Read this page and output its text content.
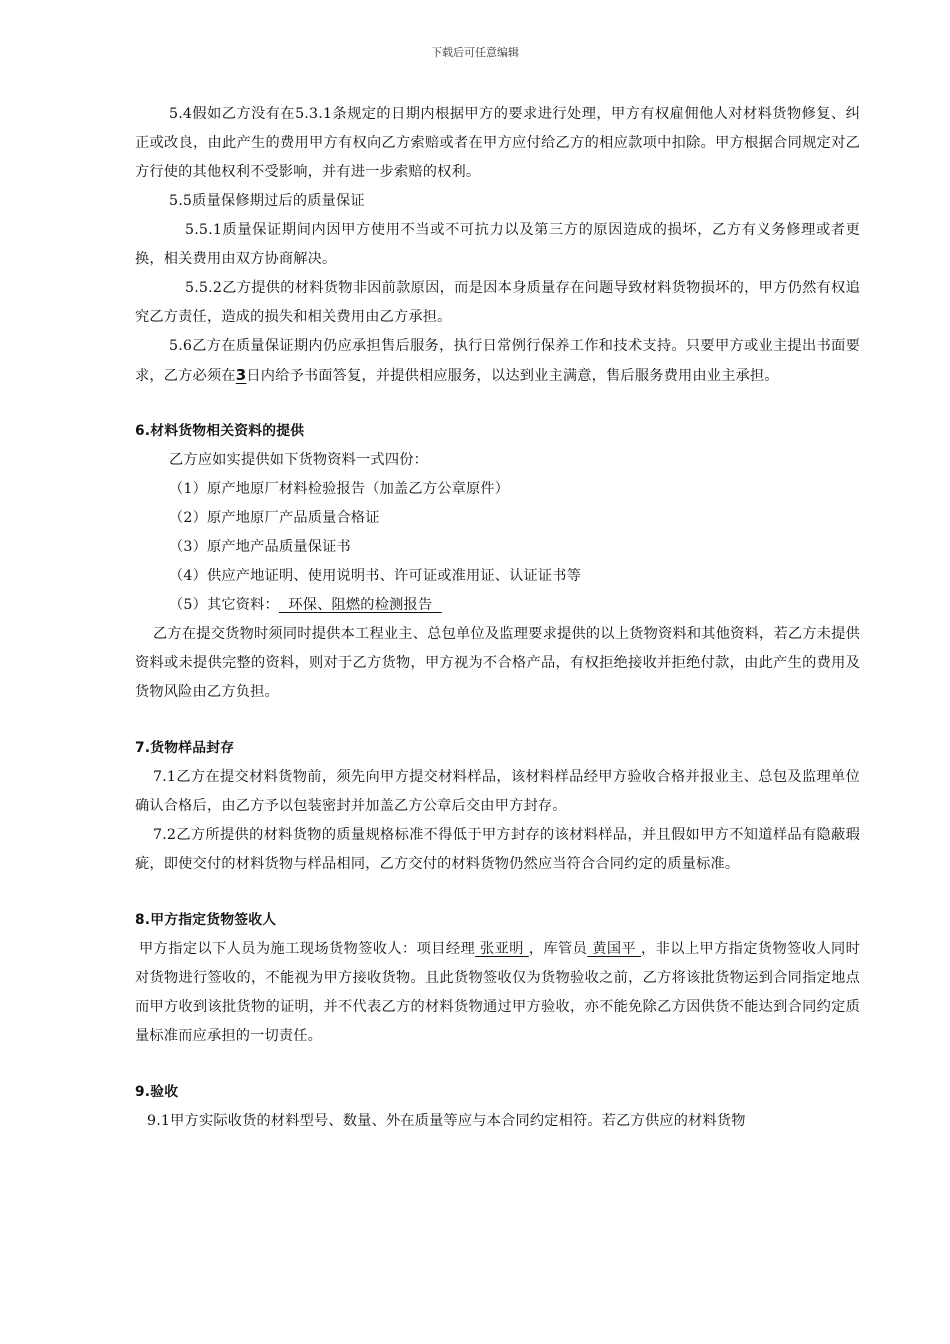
下载后可任意编辑

5.4假如乙方没有在5.3.1条规定的日期内根据甲方的要求进行处理，甲方有权雇佣他人对材料货物修复、纠正或改良，由此产生的费用甲方有权向乙方索赔或者在甲方应付给乙方的相应款项中扣除。甲方根据合同规定对乙方行使的其他权利不受影响，并有进一步索赔的权利。

5.5质量保修期过后的质量保证

5.5.1质量保证期间内因甲方使用不当或不可抗力以及第三方的原因造成的损坏，乙方有义务修理或者更换，相关费用由双方协商解决。

5.5.2乙方提供的材料货物非因前款原因，而是因本身质量存在问题导致材料货物损坏的，甲方仍然有权追究乙方责任，造成的损失和相关费用由乙方承担。

5.6乙方在质量保证期内仍应承担售后服务，执行日常例行保养工作和技术支持。只要甲方或业主提出书面要求，乙方必须在3日内给予书面答复，并提供相应服务，以达到业主满意，售后服务费用由业主承担。

6.材料货物相关资料的提供

乙方应如实提供如下货物资料一式四份：

（1）原产地原厂材料检验报告（加盖乙方公章原件）

（2）原产地原厂产品质量合格证

（3）原产地产品质量保证书

（4）供应产地证明、使用说明书、许可证或准用证、认证证书等

（5）其它资料：  环保、阻燃的检测报告

乙方在提交货物时须同时提供本工程业主、总包单位及监理要求提供的以上货物资料和其他资料，若乙方未提供资料或未提供完整的资料，则对于乙方货物，甲方视为不合格产品，有权拒绝接收并拒绝付款，由此产生的费用及货物风险由乙方负担。

7.货物样品封存

7.1乙方在提交材料货物前，须先向甲方提交材料样品，该材料样品经甲方验收合格并报业主、总包及监理单位确认合格后，由乙方予以包装密封并加盖乙方公章后交由甲方封存。

7.2乙方所提供的材料货物的质量规格标准不得低于甲方封存的该材料样品，并且假如甲方不知道样品有隐蔽瑕疵，即使交付的材料货物与样品相同，乙方交付的材料货物仍然应当符合合同约定的质量标准。

8.甲方指定货物签收人

甲方指定以下人员为施工现场货物签收人：项目经理 张亚明 ，库管员 黄国平 ，非以上甲方指定货物签收人同时对货物进行签收的，不能视为甲方接收货物。且此货物签收仅为货物验收之前，乙方将该批货物运到合同指定地点而甲方收到该批货物的证明，并不代表乙方的材料货物通过甲方验收，亦不能免除乙方因供货不能达到合同约定质量标准而应承担的一切责任。

9.验收

9.1甲方实际收货的材料型号、数量、外在质量等应与本合同约定相符。若乙方供应的材料货物
